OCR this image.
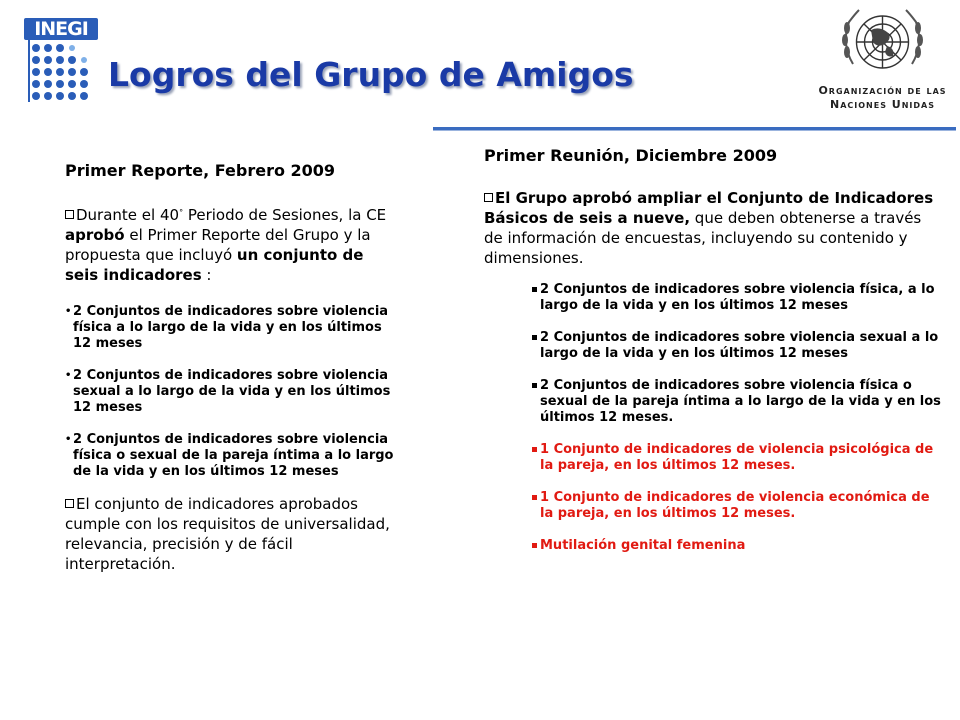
INEGI
Logros del Grupo de Amigos	Organización de las
Naciones Unidas
Primer Reporte, Febrero 2009
Durante el 40° Periodo de Sesiones, la CE aprobó el Primer Reporte del Grupo y la propuesta que incluyó un conjunto de seis indicadores :
• 2 Conjuntos de indicadores sobre violencia física a lo largo de la vida y en los últimos 12 meses
• 2 Conjuntos de indicadores sobre violencia sexual a lo largo de la vida y en los últimos 12 meses
• 2 Conjuntos de indicadores sobre violencia física o sexual de la pareja íntima a lo largo de la vida y en los últimos 12 meses
El conjunto de indicadores aprobados cumple con los requisitos de universalidad, relevancia, precisión y de fácil interpretación.
Primer Reunión, Diciembre 2009
El Grupo aprobó ampliar el Conjunto de Indicadores Básicos de seis a nueve, que deben obtenerse a través de información de encuestas, incluyendo su contenido y dimensiones.
2 Conjuntos de indicadores sobre violencia física, a lo largo de la vida y en los últimos 12 meses
2 Conjuntos de indicadores sobre violencia sexual a lo largo de la vida y en los últimos 12 meses
2 Conjuntos de indicadores sobre violencia física o sexual de la pareja íntima a lo largo de la vida y en los últimos 12 meses.
1 Conjunto de indicadores de violencia psicológica de la pareja, en los últimos 12 meses.
1 Conjunto de indicadores de violencia económica de la pareja, en los últimos 12 meses.
Mutilación genital femenina
